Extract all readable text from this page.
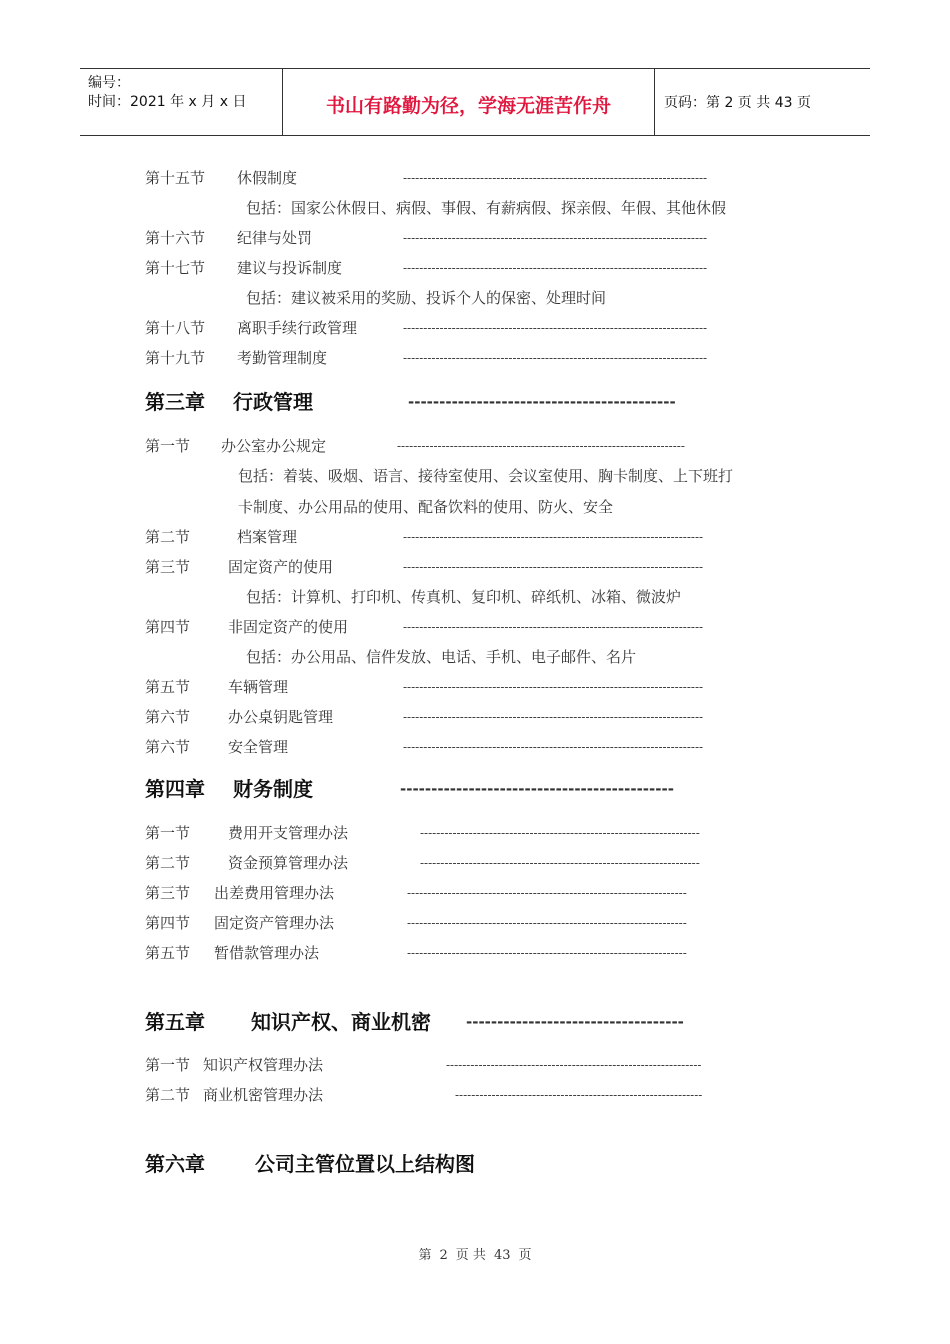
编号：
时间：2021 年 x 月 x 日	书山有路勤为径，学海无涯苦作舟	页码：第 2 页 共 43 页
第十五节 休假制度	---------------------------------------------------------------------------
包括：国家公休假日、病假、事假、有薪病假、探亲假、年假、其他休假
第十六节 纪律与处罚	---------------------------------------------------------------------------
第十七节 建议与投诉制度	---------------------------------------------------------------------------
包括：建议被采用的奖励、投诉个人的保密、处理时间
第十八节 离职手续行政管理	---------------------------------------------------------------------------
第十九节 考勤管理制度	---------------------------------------------------------------------------
第三章 行政管理	-------------------------------------------
第一节 办公室办公规定	-----------------------------------------------------------------------
包括：着装、吸烟、语言、接待室使用、会议室使用、胸卡制度、上下班打
卡制度、办公用品的使用、配备饮料的使用、防火、安全
第二节	档案管理	--------------------------------------------------------------------------
第三节	固定资产的使用	--------------------------------------------------------------------------
包括：计算机、打印机、传真机、复印机、碎纸机、冰箱、微波炉
第四节	非固定资产的使用	--------------------------------------------------------------------------
包括：办公用品、信件发放、电话、手机、电子邮件、名片
第五节	车辆管理	--------------------------------------------------------------------------
第六节	办公桌钥匙管理	--------------------------------------------------------------------------
第六节	安全管理	--------------------------------------------------------------------------
第四章 财务制度	--------------------------------------------
第一节	费用开支管理办法	---------------------------------------------------------------------
第二节	资金预算管理办法	---------------------------------------------------------------------
第三节 出差费用管理办法	---------------------------------------------------------------------
第四节 固定资产管理办法	---------------------------------------------------------------------
第五节 暂借款管理办法	---------------------------------------------------------------------
第五章 知识产权、商业机密 -----------------------------------
第一节 知识产权管理办法	---------------------------------------------------------------
第二节 商业机密管理办法	-------------------------------------------------------------
第六章	公司主管位置以上结构图
第 2 页 共 43 页
